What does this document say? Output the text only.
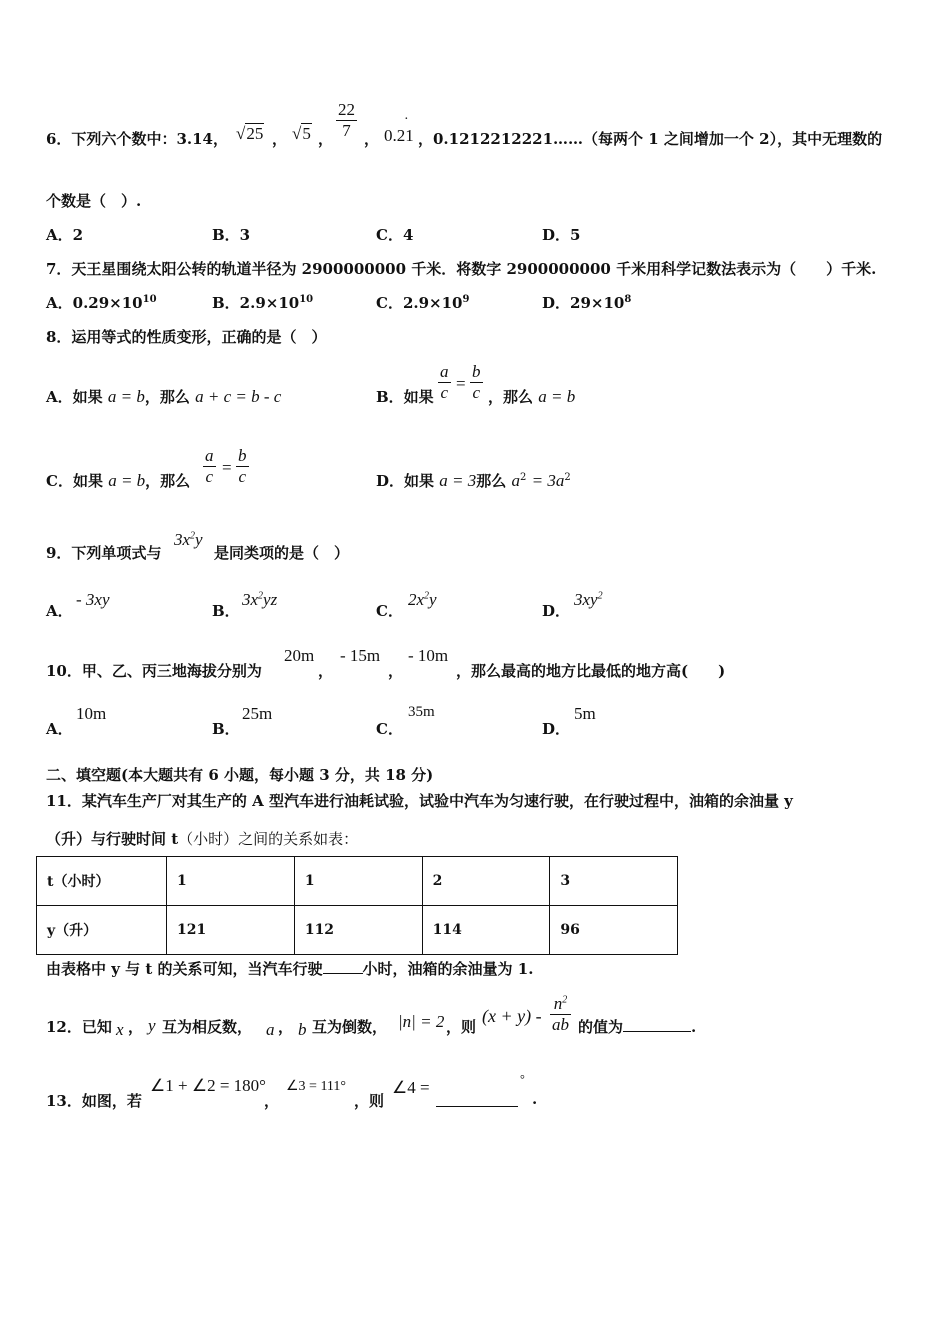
6．下列六个数中：3.14， √25 ， √5 ， $\frac{22}{7}$ ， 0.21
·
，0.1212212221……（每两个 1 之间增加一个 2），其中无理数的
个数是（　）.
A．2	B．3	C．4	D．5
7．天王星围绕太阳公转的轨道半径为 2900000000 千米．将数字 2900000000 千米用科学记数法表示为（　　）千米.
A．$0.29\times 10^{10}$	B．$2.9\times 10^{10}$	C．$2.9\times 10^9$	D．$29\times 10^8$
8．运用等式的性质变形，正确的是（　）
A．如果 a = b，那么 a + c = b - c	B．如果 $\frac{a}{c} = \frac{b}{c}$ ，那么 a = b
C．如果 a = b，那么 $\frac{a}{c} = \frac{b}{c}$	D．如果 a = 3那么 $a^2 = 3a^2$
9．下列单项式与
$3x^2y$
是同类项的是（　）
A．
- 3xy
B．
$3x^2yz$
C．
$2x^2y$
D．
$3xy^2$
10．甲、乙、丙三地海拔分别为
20m
，
- 15m
，
- 10m
，那么最高的地方比最低的地方高(　　)
A．
10m
B．
25m
C．
35m
D．
5m
二、填空题(本大题共有 6 小题，每小题 3 分，共 18 分)
11．某汽车生产厂对其生产的 A 型汽车进行油耗试验，试验中汽车为匀速行驶，在行驶过程中，油箱的余油量 y
（升）与行驶时间 t（小时）之间的关系如表：
t（小时）	1	1	2	3
y（升）	121	112	114	96
由表格中 y 与 t 的关系可知，当汽车行驶	小时，油箱的余油量为 1.
12．已知 x ， y 互为相反数， a ， b 互为倒数， |n| = 2 ，则
$(x + y) - \frac{n^2}{ab}$ 的值为	.
13．如图，若
∠1 + ∠2 = 180°
，
∠3 = 111°
，则
∠4 =	°
.
